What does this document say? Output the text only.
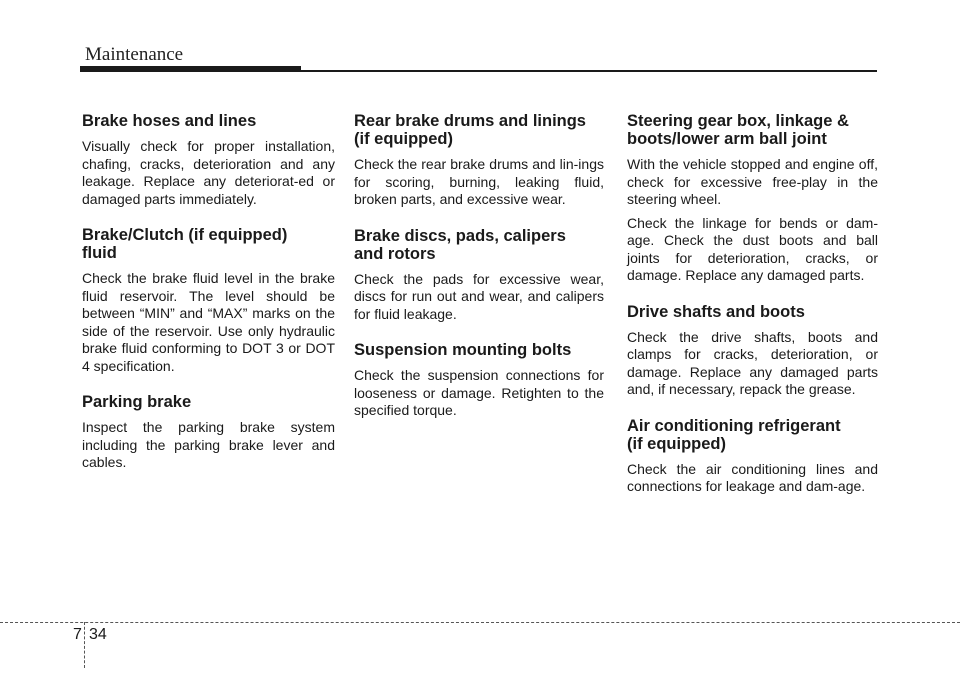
Maintenance
Brake hoses and lines

Visually check for proper installation, chafing, cracks, deterioration and any leakage. Replace any deteriorat-ed or damaged parts immediately.

Brake/Clutch (if equipped) fluid

Check the brake fluid level in the brake fluid reservoir. The level should be between “MIN” and “MAX” marks on the side of the reservoir. Use only hydraulic brake fluid conforming to DOT 3 or DOT 4 specification.

Parking brake

Inspect the parking brake system including the parking brake lever and cables.

Rear brake drums and linings (if equipped)

Check the rear brake drums and lin-ings for scoring, burning, leaking fluid, broken parts, and excessive wear.

Brake discs, pads, calipers and rotors

Check the pads for excessive wear, discs for run out and wear, and calipers for fluid leakage.

Suspension mounting bolts

Check the suspension connections for looseness or damage. Retighten to the specified torque.

Steering gear box, linkage & boots/lower arm ball joint

With the vehicle stopped and engine off, check for excessive free-play in the steering wheel.

Check the linkage for bends or dam-age. Check the dust boots and ball joints for deterioration, cracks, or damage. Replace any damaged parts.

Drive shafts and boots

Check the drive shafts, boots and clamps for cracks, deterioration, or damage. Replace any damaged parts and, if necessary, repack the grease.

Air conditioning refrigerant (if equipped)

Check the air conditioning lines and connections for leakage and dam-age.

7 34
